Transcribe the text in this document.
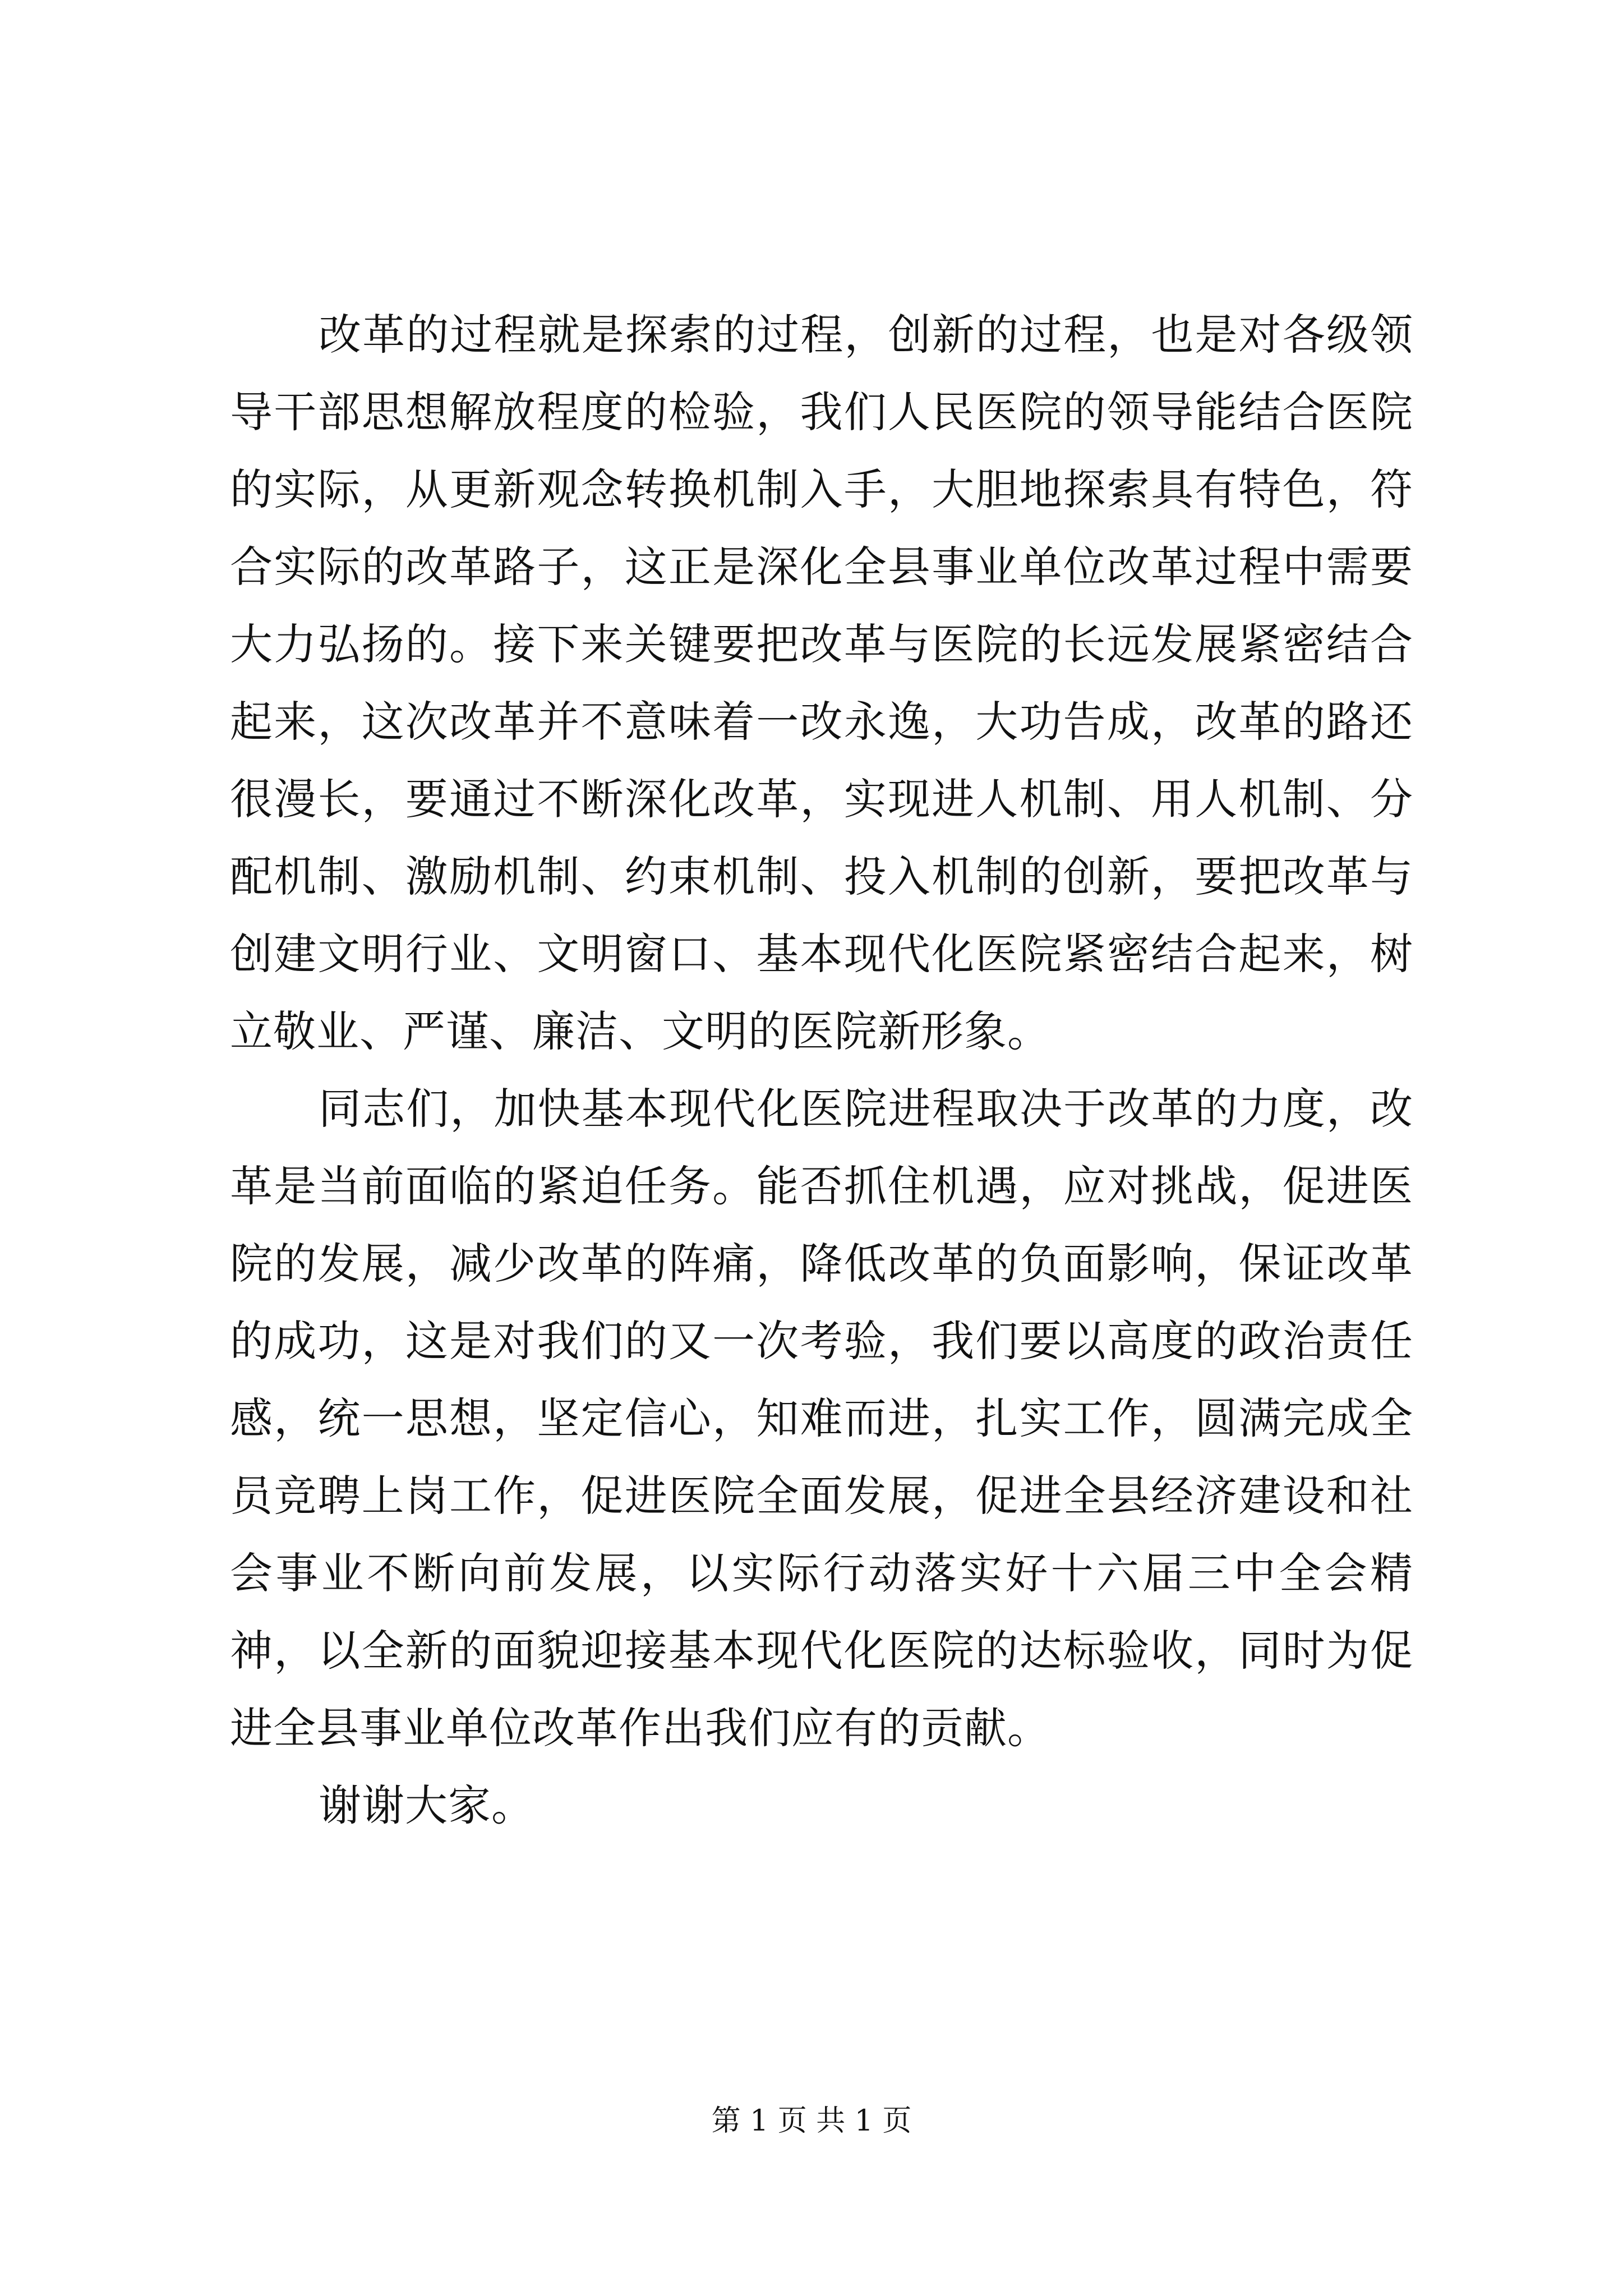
改革的过程就是探索的过程，创新的过程，也是对各级领导干部思想解放程度的检验，我们人民医院的领导能结合医院的实际，从更新观念转换机制入手，大胆地探索具有特色，符合实际的改革路子，这正是深化全县事业单位改革过程中需要大力弘扬的。接下来关键要把改革与医院的长远发展紧密结合起来，这次改革并不意味着一改永逸，大功告成，改革的路还很漫长，要通过不断深化改革，实现进人机制、用人机制、分配机制、激励机制、约束机制、投入机制的创新，要把改革与创建文明行业、文明窗口、基本现代化医院紧密结合起来，树立敬业、严谨、廉洁、文明的医院新形象。

同志们，加快基本现代化医院进程取决于改革的力度，改革是当前面临的紧迫任务。能否抓住机遇，应对挑战，促进医院的发展，减少改革的阵痛，降低改革的负面影响，保证改革的成功，这是对我们的又一次考验，我们要以高度的政治责任感，统一思想，坚定信心，知难而进，扎实工作，圆满完成全员竞聘上岗工作，促进医院全面发展，促进全县经济建设和社会事业不断向前发展，以实际行动落实好十六届三中全会精神，以全新的面貌迎接基本现代化医院的达标验收，同时为促进全县事业单位改革作出我们应有的贡献。

谢谢大家。

第 1 页 共 1 页
